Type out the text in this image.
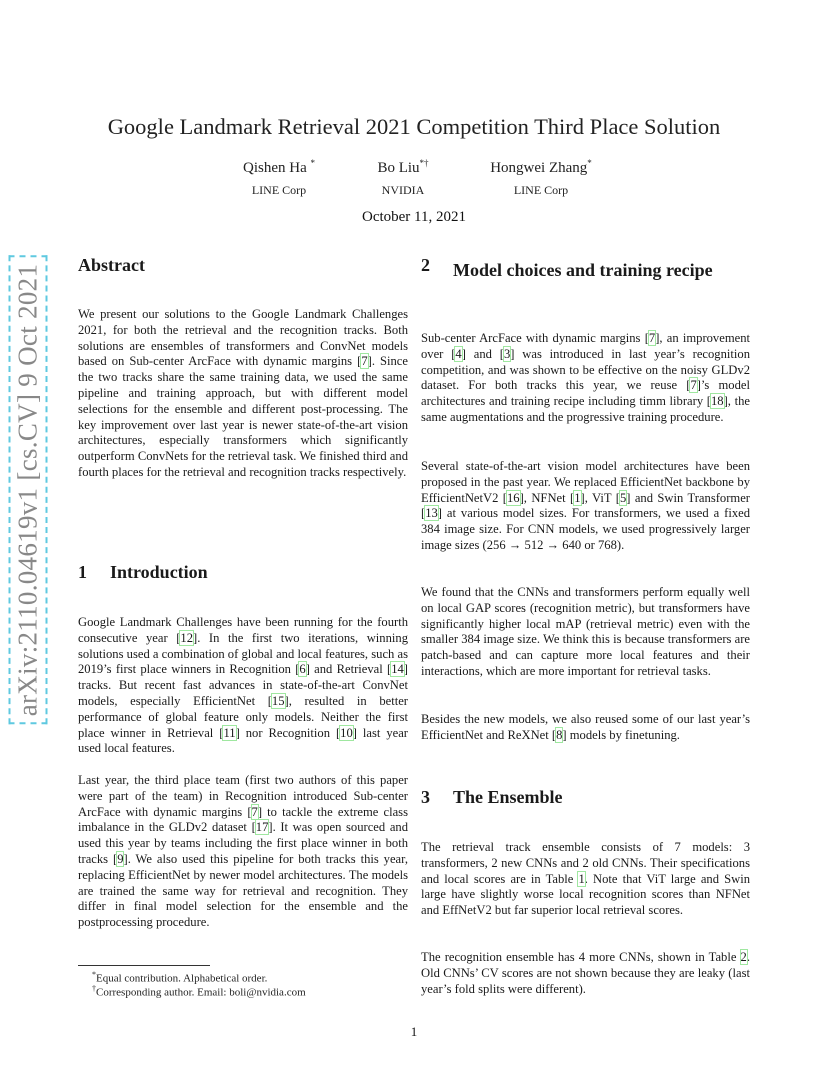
arXiv:2110.04619v1 [cs.CV] 9 Oct 2021
Google Landmark Retrieval 2021 Competition Third Place Solution
Qishen Ha *
LINE Corp
Bo Liu*†
NVIDIA
Hongwei Zhang*
LINE Corp
October 11, 2021
Abstract

We present our solutions to the Google Landmark Challenges 2021, for both the retrieval and the recognition tracks. Both solutions are ensembles of transformers and ConvNet models based on Sub-center ArcFace with dynamic margins [7]. Since the two tracks share the same training data, we used the same pipeline and training approach, but with different model selections for the ensemble and different post-processing. The key improvement over last year is newer state-of-the-art vision architectures, especially transformers which significantly outperform ConvNets for the retrieval task. We finished third and fourth places for the retrieval and recognition tracks respectively.

1 Introduction

Google Landmark Challenges have been running for the fourth consecutive year [12]. In the first two iterations, winning solutions used a combination of global and local features, such as 2019’s first place winners in Recognition [6] and Retrieval [14] tracks. But recent fast advances in state-of-the-art ConvNet models, especially EfficientNet [15], resulted in better performance of global feature only models. Neither the first place winner in Retrieval [11] nor Recognition [10] last year used local features.

Last year, the third place team (first two authors of this paper were part of the team) in Recognition introduced Sub-center ArcFace with dynamic margins [7] to tackle the extreme class imbalance in the GLDv2 dataset [17]. It was open sourced and used this year by teams including the first place winner in both tracks [9]. We also used this pipeline for both tracks this year, replacing EfficientNet by newer model architectures. The models are trained the same way for retrieval and recognition. They differ in final model selection for the ensemble and the postprocessing procedure.

*Equal contribution. Alphabetical order.
†Corresponding author. Email: boli@nvidia.com
2	Model choices and training recipe

Sub-center ArcFace with dynamic margins [7], an improvement over [4] and [3] was introduced in last year’s recognition competition, and was shown to be effective on the noisy GLDv2 dataset. For both tracks this year, we reuse [7]’s model architectures and training recipe including timm library [18], the same augmentations and the progressive training procedure.

Several state-of-the-art vision model architectures have been proposed in the past year. We replaced EfficientNet backbone by EfficientNetV2 [16], NFNet [1], ViT [5] and Swin Transformer [13] at various model sizes. For transformers, we used a fixed 384 image size. For CNN models, we used progressively larger image sizes (256 → 512 → 640 or 768).

We found that the CNNs and transformers perform equally well on local GAP scores (recognition metric), but transformers have significantly higher local mAP (retrieval metric) even with the smaller 384 image size. We think this is because transformers are patch-based and can capture more local features and their interactions, which are more important for retrieval tasks.

Besides the new models, we also reused some of our last year’s EfficientNet and ReXNet [8] models by finetuning.

3 The Ensemble

The retrieval track ensemble consists of 7 models: 3 transformers, 2 new CNNs and 2 old CNNs. Their specifications and local scores are in Table 1. Note that ViT large and Swin large have slightly worse local recognition scores than NFNet and EffNetV2 but far superior local retrieval scores.

The recognition ensemble has 4 more CNNs, shown in Table 2. Old CNNs’ CV scores are not shown because they are leaky (last year’s fold splits were different).

1
